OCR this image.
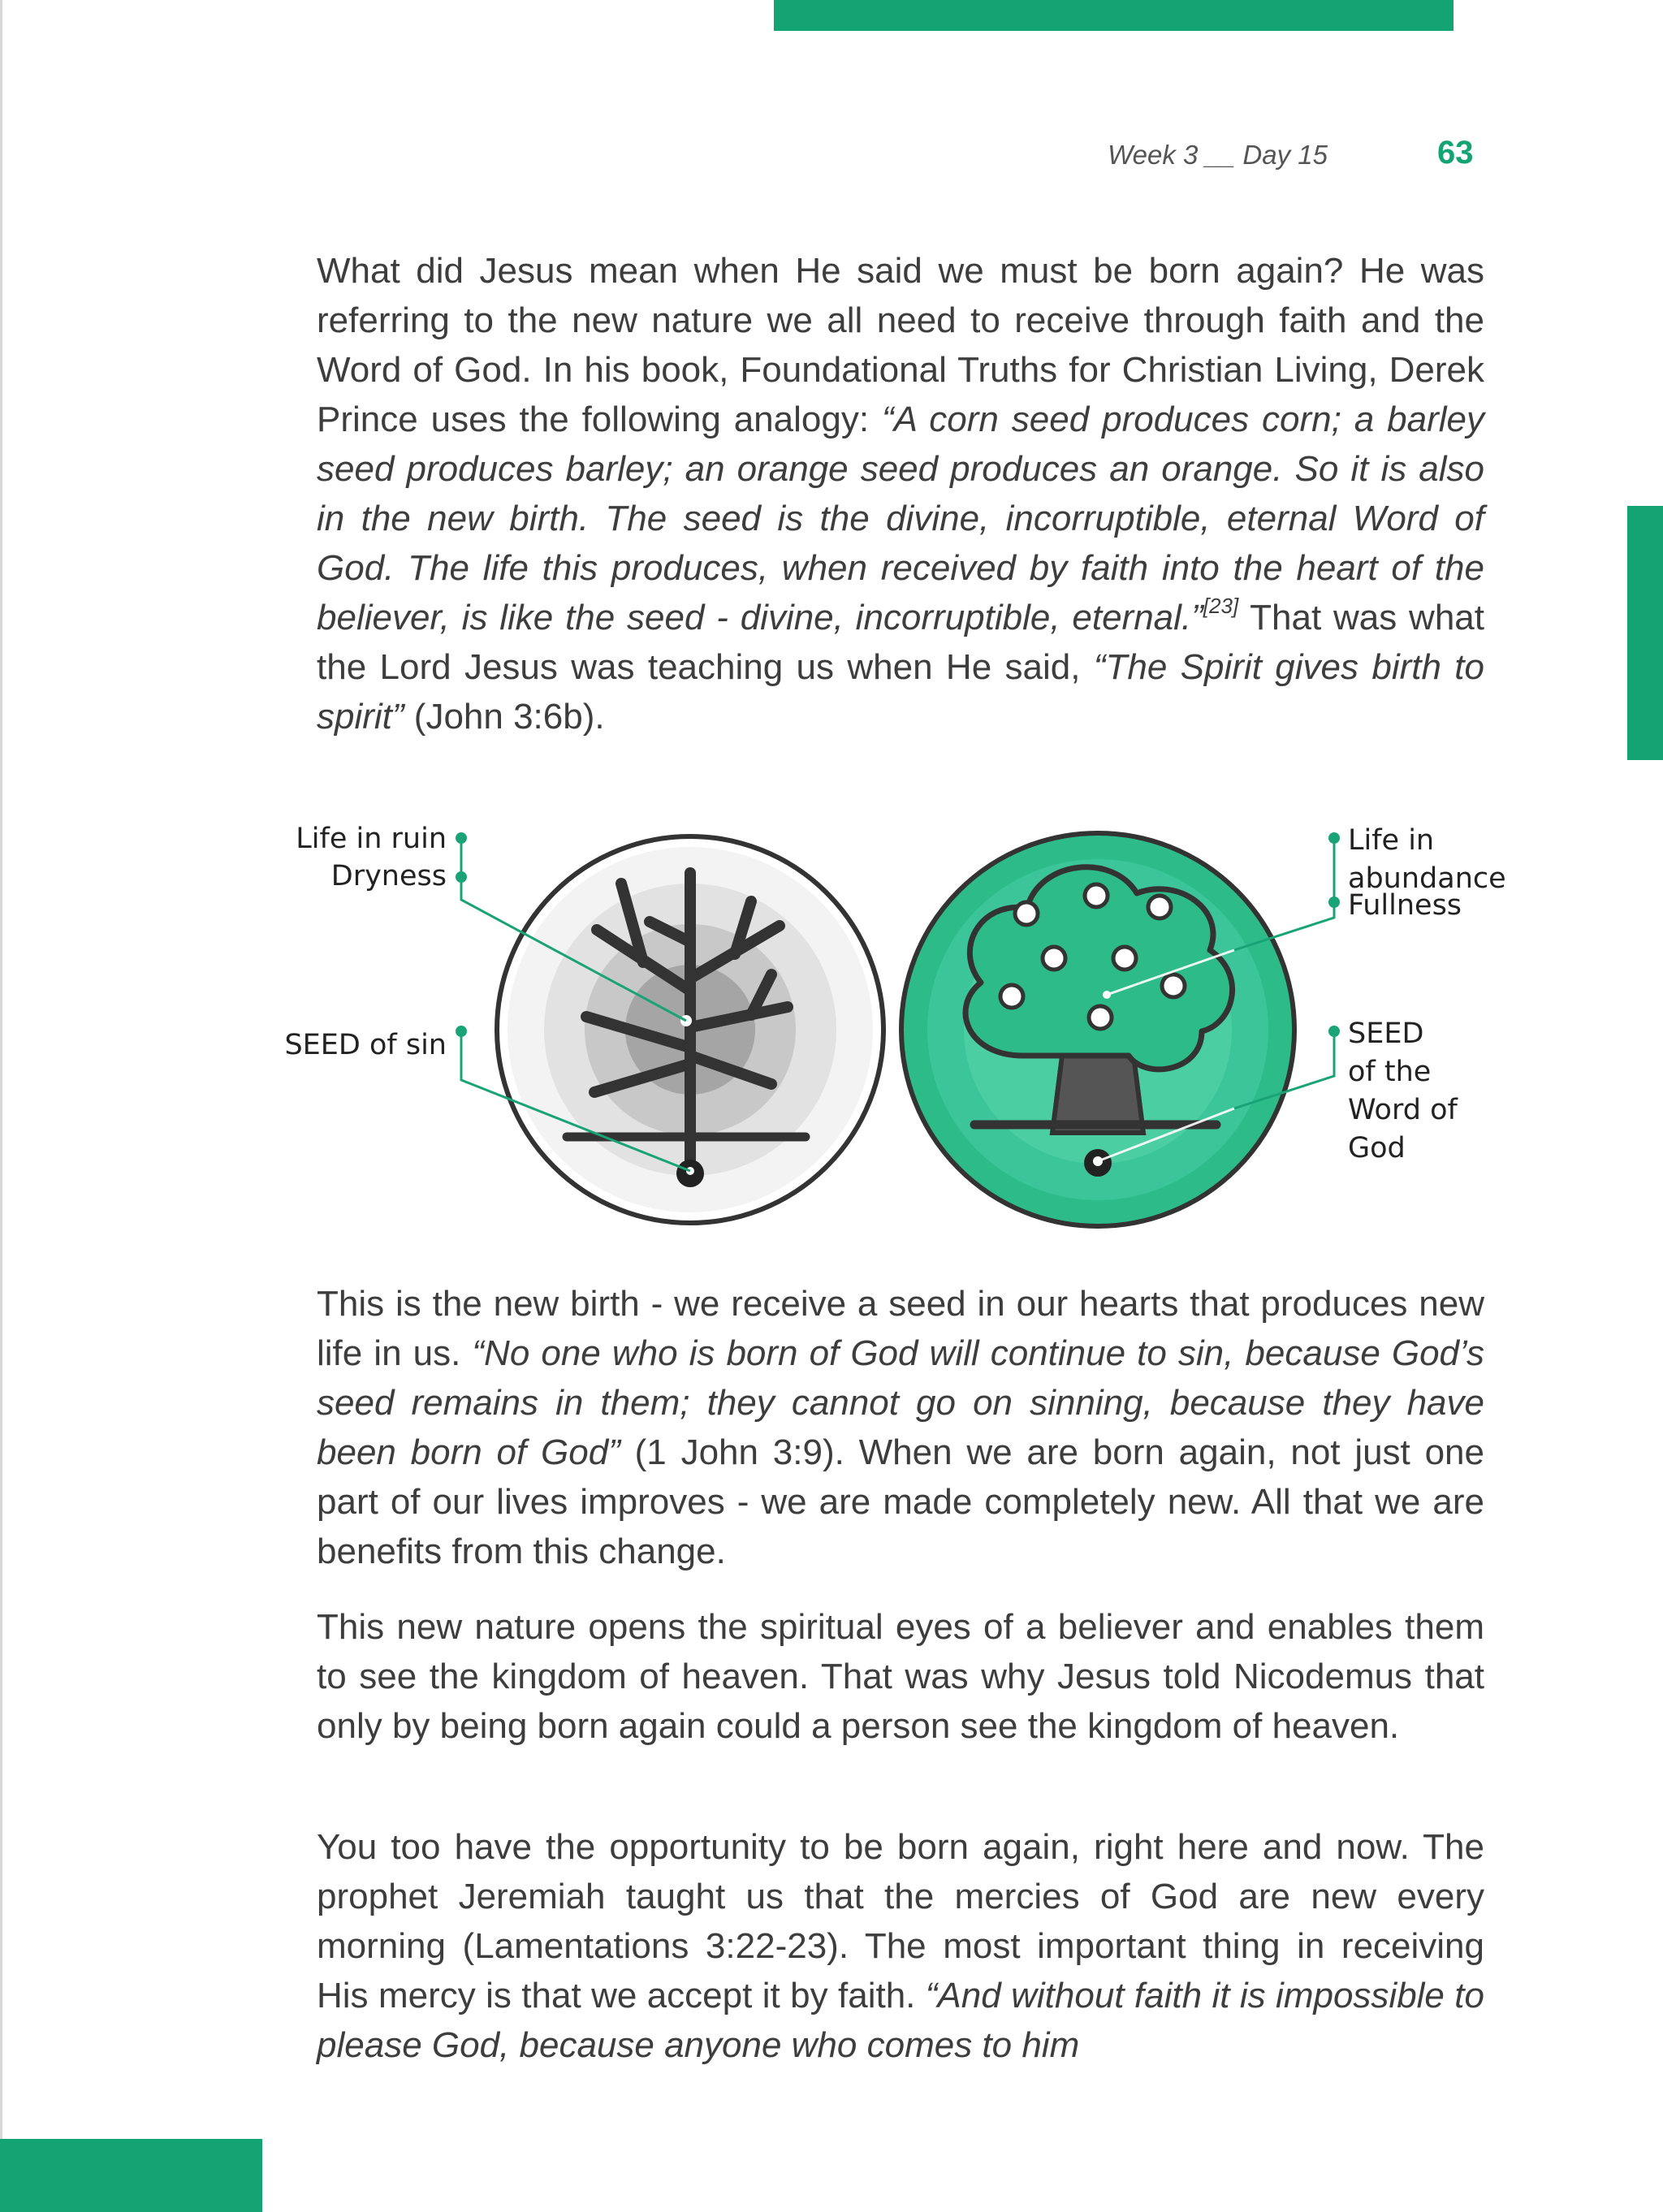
Week 3 __ Day 15	63

What did Jesus mean when He said we must be born again? He was referring to the new nature we all need to receive through faith and the Word of God. In his book, Foundational Truths for Christian Living, Derek Prince uses the following analogy: “A corn seed produces corn; a barley seed produces barley; an orange seed produces an orange. So it is also in the new birth. The seed is the divine, incorruptible, eternal Word of God. The life this produces, when received by faith into the heart of the believer, is like the seed - divine, incorruptible, eternal.”[23] That was what the Lord Jesus was teaching us when He said, “The Spirit gives birth to spirit” (John 3:6b).

Life in ruin
Dryness
SEED of sin
Life in abundance
Fullness
SEED
of the
Word of
God

This is the new birth - we receive a seed in our hearts that produces new life in us. “No one who is born of God will continue to sin, because God’s seed remains in them; they cannot go on sinning, because they have been born of God” (1 John 3:9). When we are born again, not just one part of our lives improves - we are made completely new. All that we are benefits from this change.

This new nature opens the spiritual eyes of a believer and enables them to see the kingdom of heaven. That was why Jesus told Nicodemus that only by being born again could a person see the kingdom of heaven.

You too have the opportunity to be born again, right here and now. The prophet Jeremiah taught us that the mercies of God are new every morning (Lamentations 3:22-23). The most important thing in receiving His mercy is that we accept it by faith. “And without faith it is impossible to please God, because anyone who comes to him
